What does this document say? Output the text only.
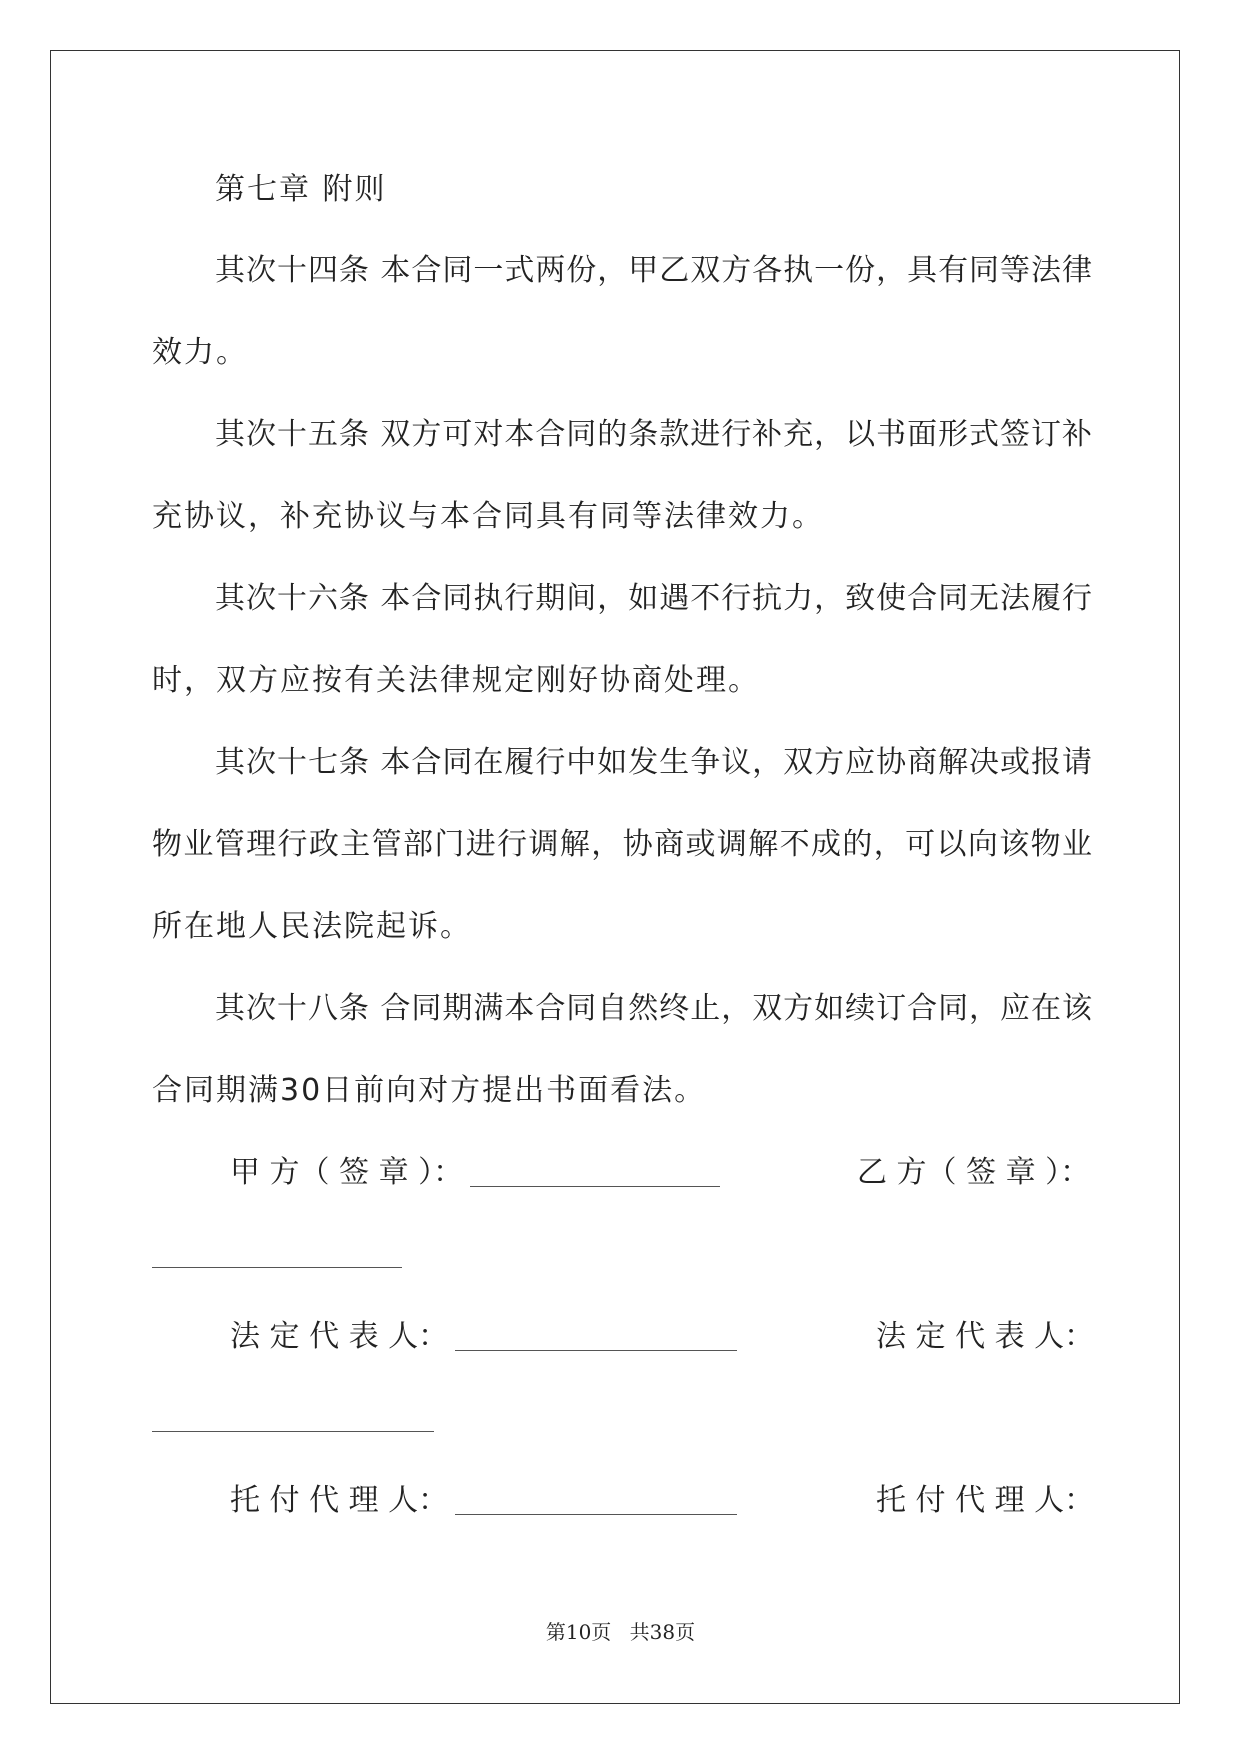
第七章 附则
其次十四条 本合同一式两份，甲乙双方各执一份，具有同等法律
效力。
其次十五条 双方可对本合同的条款进行补充，以书面形式签订补
充协议，补充协议与本合同具有同等法律效力。
其次十六条 本合同执行期间，如遇不行抗力，致使合同无法履行
时，双方应按有关法律规定刚好协商处理。
其次十七条 本合同在履行中如发生争议，双方应协商解决或报请
物业管理行政主管部门进行调解，协商或调解不成的，可以向该物业
所在地人民法院起诉。
其次十八条 合同期满本合同自然终止，双方如续订合同，应在该
合同期满30日前向对方提出书面看法。
甲 方（ 签 章 ）：	乙 方（ 签 章 ）：
法 定 代 表 人：	法 定 代 表 人：
托 付 代 理 人：	托 付 代 理 人：
第10页 共38页
